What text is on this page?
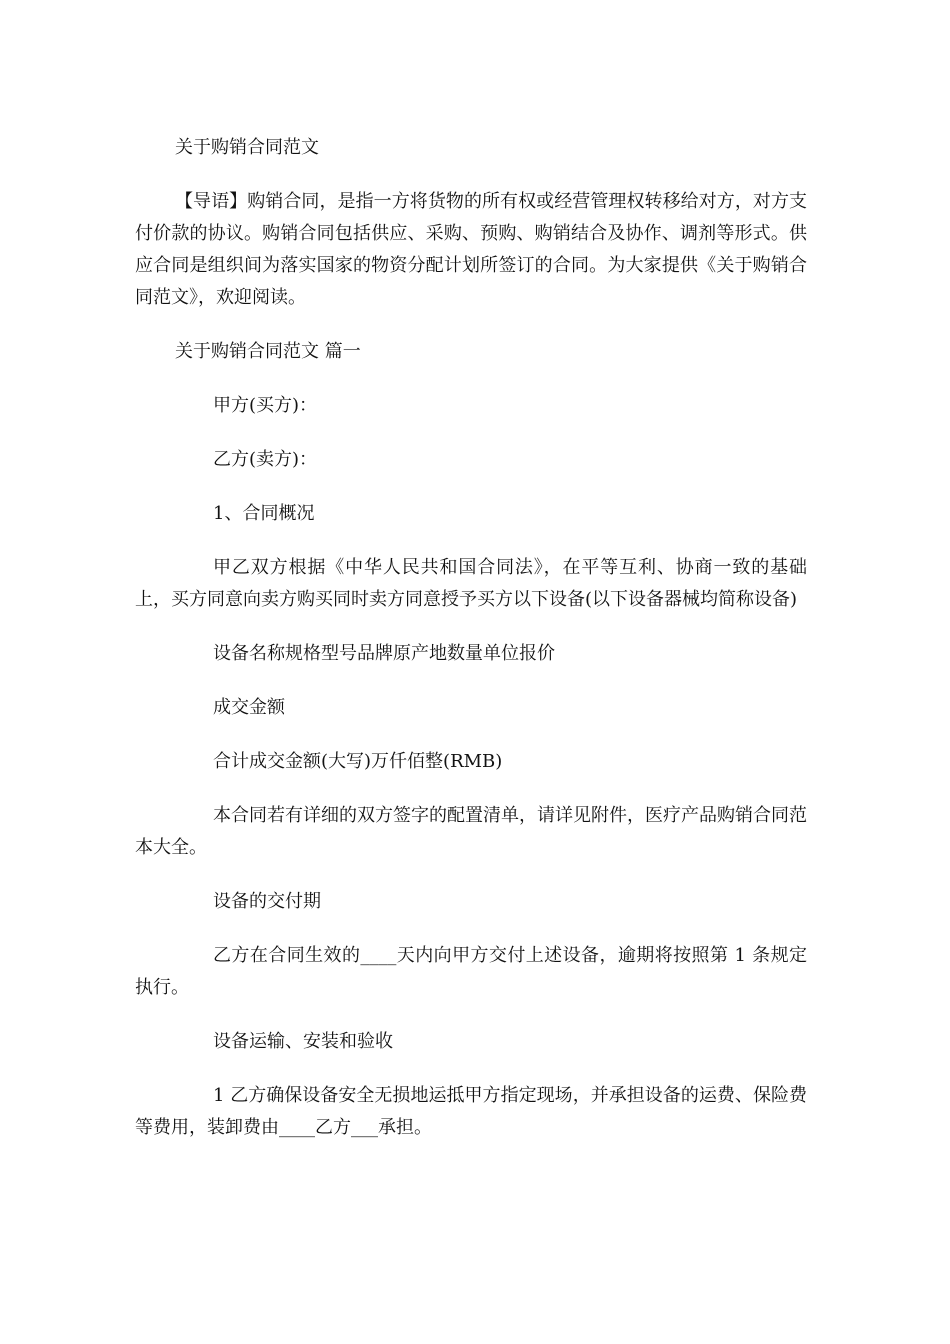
关于购销合同范文

【导语】购销合同，是指一方将货物的所有权或经营管理权转移给对方，对方支付价款的协议。购销合同包括供应、采购、预购、购销结合及协作、调剂等形式。供应合同是组织间为落实国家的物资分配计划所签订的合同。为大家提供《关于购销合同范文》，欢迎阅读。

关于购销合同范文 篇一

甲方(买方)：

乙方(卖方)：

1、合同概况

甲乙双方根据《中华人民共和国合同法》，在平等互利、协商一致的基础上，买方同意向卖方购买同时卖方同意授予买方以下设备(以下设备器械均简称设备)

设备名称规格型号品牌原产地数量单位报价

成交金额

合计成交金额(大写)万仟佰整(RMB)

本合同若有详细的双方签字的配置清单，请详见附件，医疗产品购销合同范本大全。

设备的交付期

乙方在合同生效的____天内向甲方交付上述设备，逾期将按照第 1 条规定执行。

设备运输、安装和验收

1 乙方确保设备安全无损地运抵甲方指定现场，并承担设备的运费、保险费等费用，装卸费由____乙方___承担。
